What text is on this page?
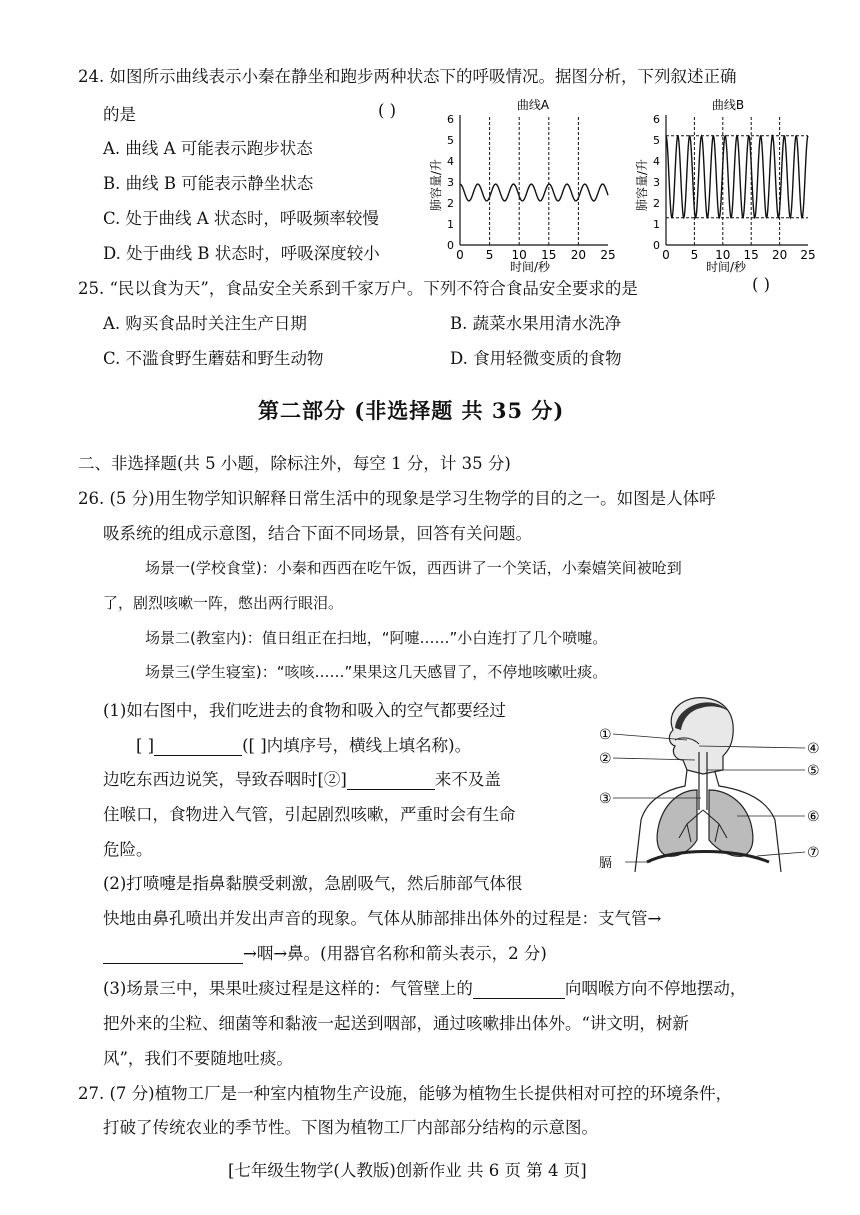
24. 如图所示曲线表示小秦在静坐和跑步两种状态下的呼吸情况。据图分析，下列叙述正确
的是	( )
A. 曲线 A 可能表示跑步状态
B. 曲线 B 可能表示静坐状态
C. 处于曲线 A 状态时，呼吸频率较慢
D. 处于曲线 B 状态时，呼吸深度较小
曲线A
肺容量/升
时间/秒
0
1
2
3
4
5
6
0 5 10 15 20 25
曲线B
肺容量/升
时间/秒
0
1
2
3
4
5
6
0 5 10 15 20 25
25. “民以食为天”，食品安全关系到千家万户。下列不符合食品安全要求的是	( )
A. 购买食品时关注生产日期	B. 蔬菜水果用清水洗净
C. 不滥食野生蘑菇和野生动物	D. 食用轻微变质的食物
第二部分 (非选择题 共 35 分)
二、非选择题(共 5 小题，除标注外，每空 1 分，计 35 分)
26. (5 分)用生物学知识解释日常生活中的现象是学习生物学的目的之一。如图是人体呼
吸系统的组成示意图，结合下面不同场景，回答有关问题。
场景一(学校食堂)：小秦和西西在吃午饭，西西讲了一个笑话，小秦嬉笑间被呛到
了，剧烈咳嗽一阵，憋出两行眼泪。
场景二(教室内)：值日组正在扫地，“阿嚏……”小白连打了几个喷嚏。
场景三(学生寝室)：“咳咳……”果果这几天感冒了，不停地咳嗽吐痰。
(1)如右图中，我们吃进去的食物和吸入的空气都要经过
[ ]	([ ]内填序号，横线上填名称)。
边吃东西边说笑，导致吞咽时[②]	来不及盖
住喉口，食物进入气管，引起剧烈咳嗽，严重时会有生命
危险。
(2)打喷嚏是指鼻黏膜受刺激，急剧吸气，然后肺部气体很
快地由鼻孔喷出并发出声音的现象。气体从肺部排出体外的过程是：支气管→
→咽→鼻。(用器官名称和箭头表示，2 分)
(3)场景三中，果果吐痰过程是这样的：气管壁上的	向咽喉方向不停地摆动，
把外来的尘粒、细菌等和黏液一起送到咽部，通过咳嗽排出体外。“讲文明，树新
风”，我们不要随地吐痰。
①
②
③
④
⑤
⑥
⑦
膈
27. (7 分)植物工厂是一种室内植物生产设施，能够为植物生长提供相对可控的环境条件，
打破了传统农业的季节性。下图为植物工厂内部部分结构的示意图。
[七年级生物学(人教版)创新作业 共 6 页 第 4 页]
